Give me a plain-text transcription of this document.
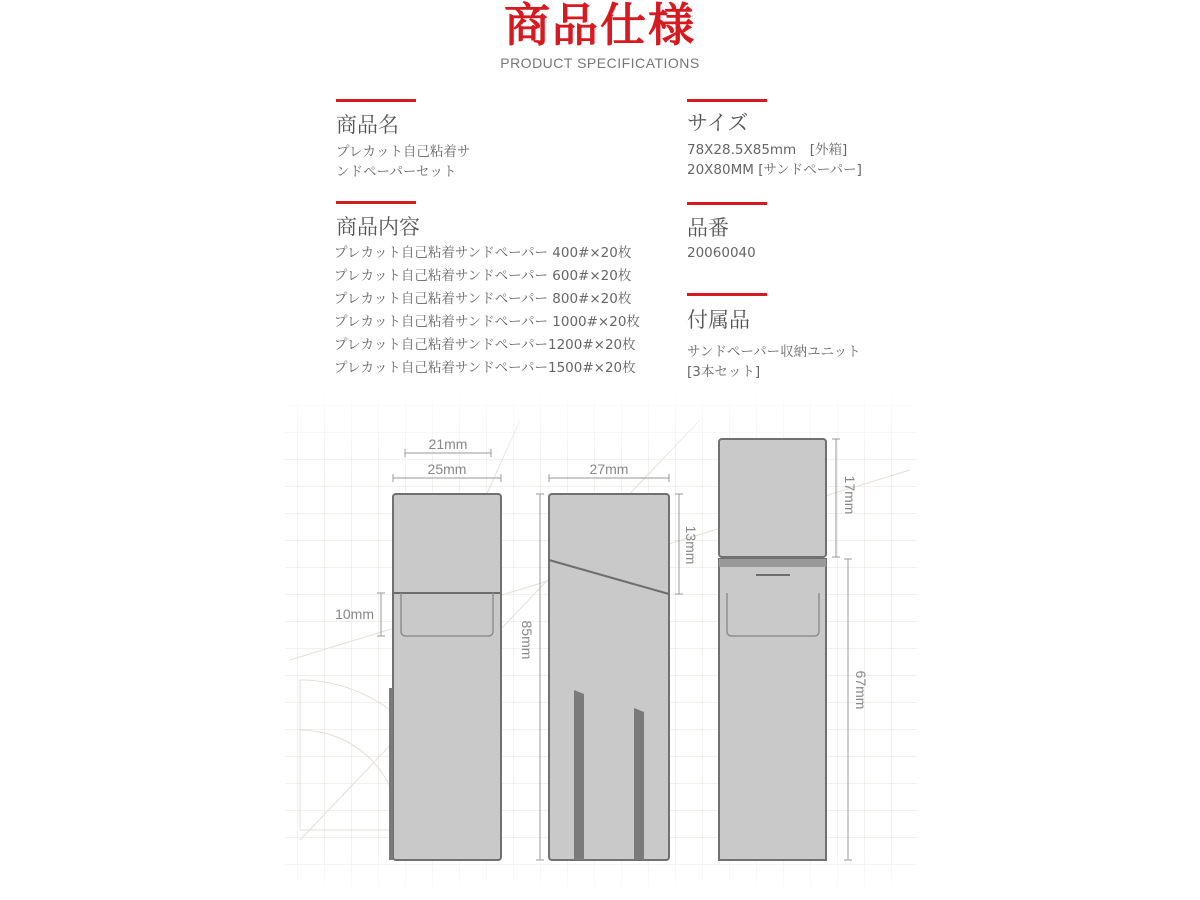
商品仕様
PRODUCT SPECIFICATIONS
商品名
プレカット自己粘着サ
ンドペーパーセット
商品内容
プレカット自己粘着サンドペーパー 400#×20枚
プレカット自己粘着サンドペーパー 600#×20枚
プレカット自己粘着サンドペーパー 800#×20枚
プレカット自己粘着サンドペーパー 1000#×20枚
プレカット自己粘着サンドペーパー1200#×20枚
プレカット自己粘着サンドペーパー1500#×20枚
サイズ
78X28.5X85mm　[外箱]
20X80MM [サンドペーパー]
品番
20060040
付属品
サンドペーパー収納ユニット
[3本セット]
21mm
25mm	27mm
10mm
85mm
13mm
17mm
67mm
